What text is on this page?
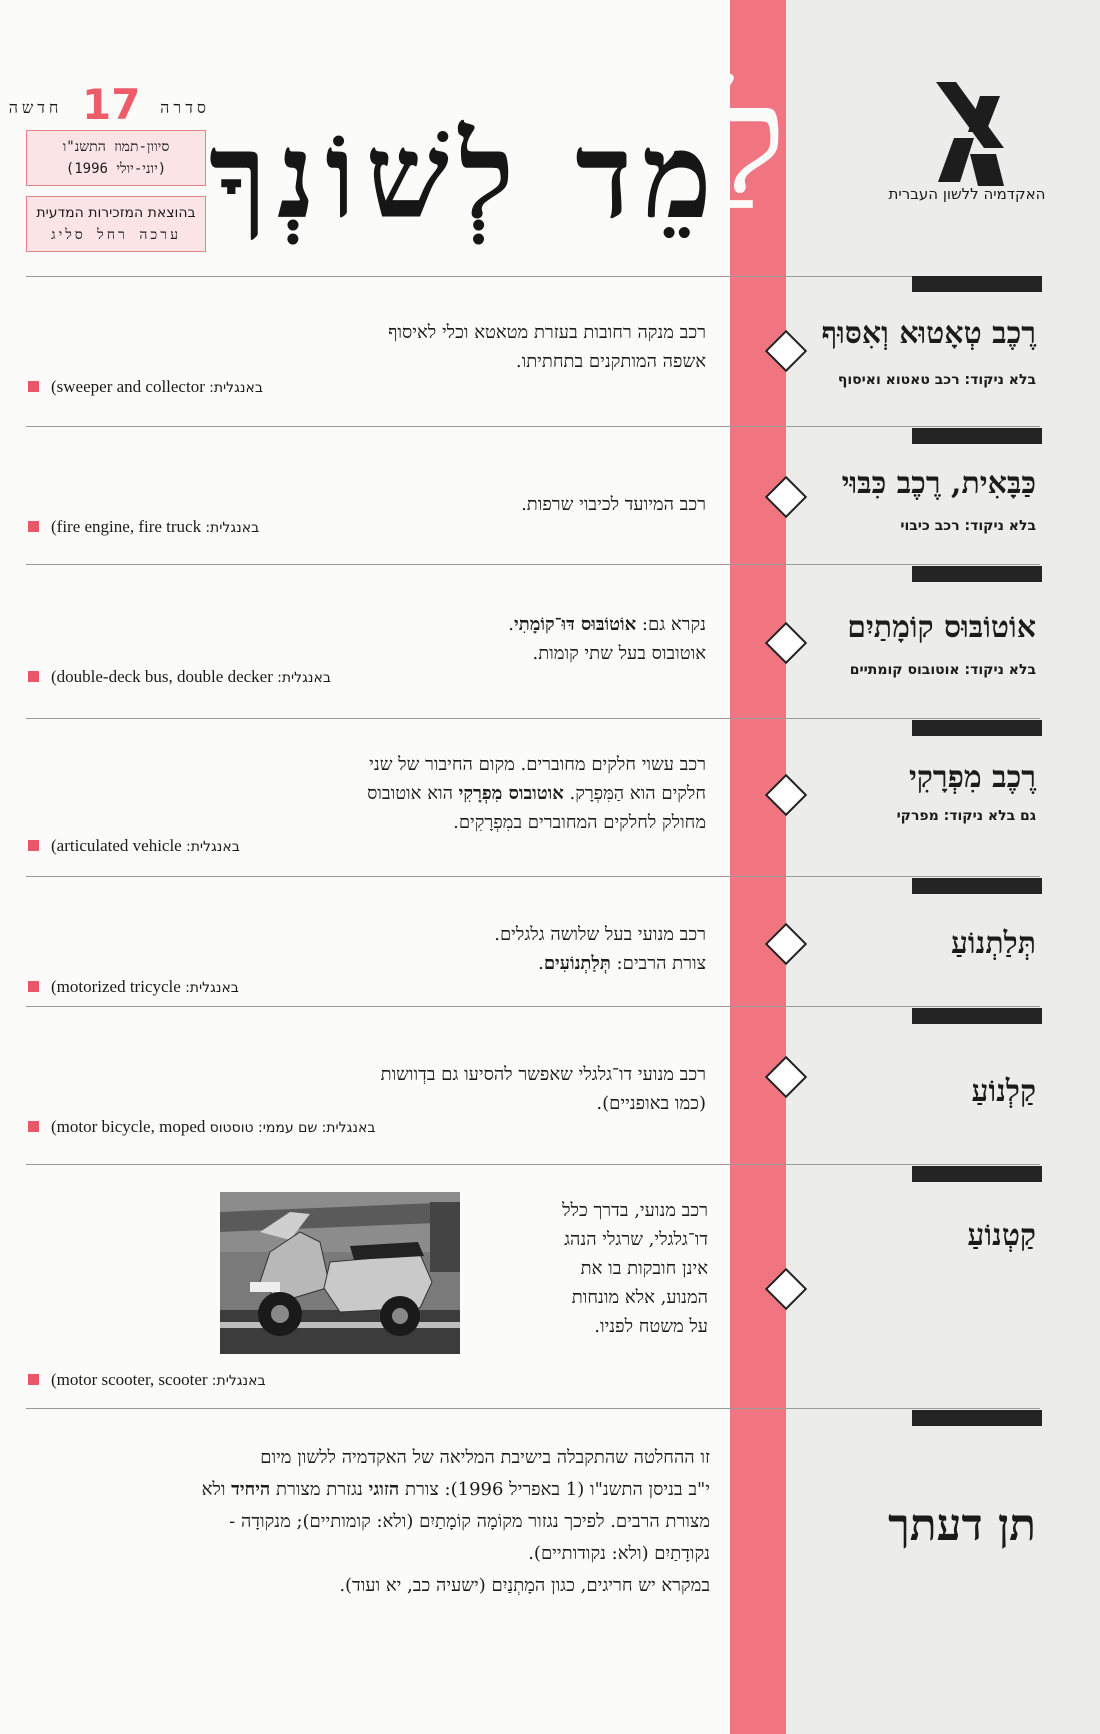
לַ	האקדמיה ללשון העברית
מֵד לְשׁוֹנְךָ
סדרה 17 חדשה
סיוון-תמוז התשנ"ו
(יוני-יולי 1996)
בהוצאת המזכירות המדעית
ערכה רחל סליג
רֶכֶב טְאָטוּא וְאִסּוּף
בלא ניקוד: רכב טאטוא ואיסוף
רכב מנקה רחובות בעזרת מטאטא וכלי לאיסוף
אשפה המותקנים בתחתיתו.
(sweeper and collector באנגלית:
כַּבָּאִית, רֶכֶב כִּבּוּי
בלא ניקוד: רכב כיבוי
רכב המיועד לכיבוי שרפות.
(fire engine, fire truck באנגלית:
אוֹטוֹבּוּס קוֹמָתַיִם
בלא ניקוד: אוטובוס קומתיים
נקרא גם: אוֹטוֹבּוּס דּוּ־קוֹמָתִי.
אוטובוס בעל שתי קומות.
(double-deck bus, double decker באנגלית:
רֶכֶב מִפְרָקִי
גם בלא ניקוד: מפרקי
רכב עשוי חלקים מחוברים. מקום החיבור של שני
חלקים הוא הַמִּפְרָק. אוטובוס מִפְרָקִי הוא אוטובוס
מחולק לחלקים המחוברים במִפְרָקִים.
(articulated vehicle באנגלית:
תְּלַתְנוֹעַ
רכב מנועי בעל שלושה גלגלים.
צורת הרבים: תְּלַתְנוֹעִים.
(motorized tricycle באנגלית:
קַלְנוֹעַ
רכב מנועי דו־גלגלי שאפשר להסיעו גם בדְוושות
(כמו באופניים).
(motor bicycle, moped	באנגלית: שם עממי: טוסטוס
קַטְנוֹעַ
רכב מנועי, בדרך כלל
דו־גלגלי, שרגלי הנהג
אינן חובקות בו את
המנוע, אלא מונחות
על משטח לפניו.
(motor scooter, scooter באנגלית:
תן דעתך
זו ההחלטה שהתקבלה בישיבת המליאה של האקדמיה ללשון מיום
י"ב בניסן התשנ"ו (1 באפריל 1996): צורת הזוגי נגזרת מצורת היחיד ולא
מצורת הרבים. לפיכך נגזור מקוֹמָה קוֹמָתַיִם (ולא: קומותיים); מנקודָה -
נקודָתַיִם (ולא: נקודותיים).
במקרא יש חריגים, כגון המָתְנַיִם (ישעיה כב, יא ועוד).
